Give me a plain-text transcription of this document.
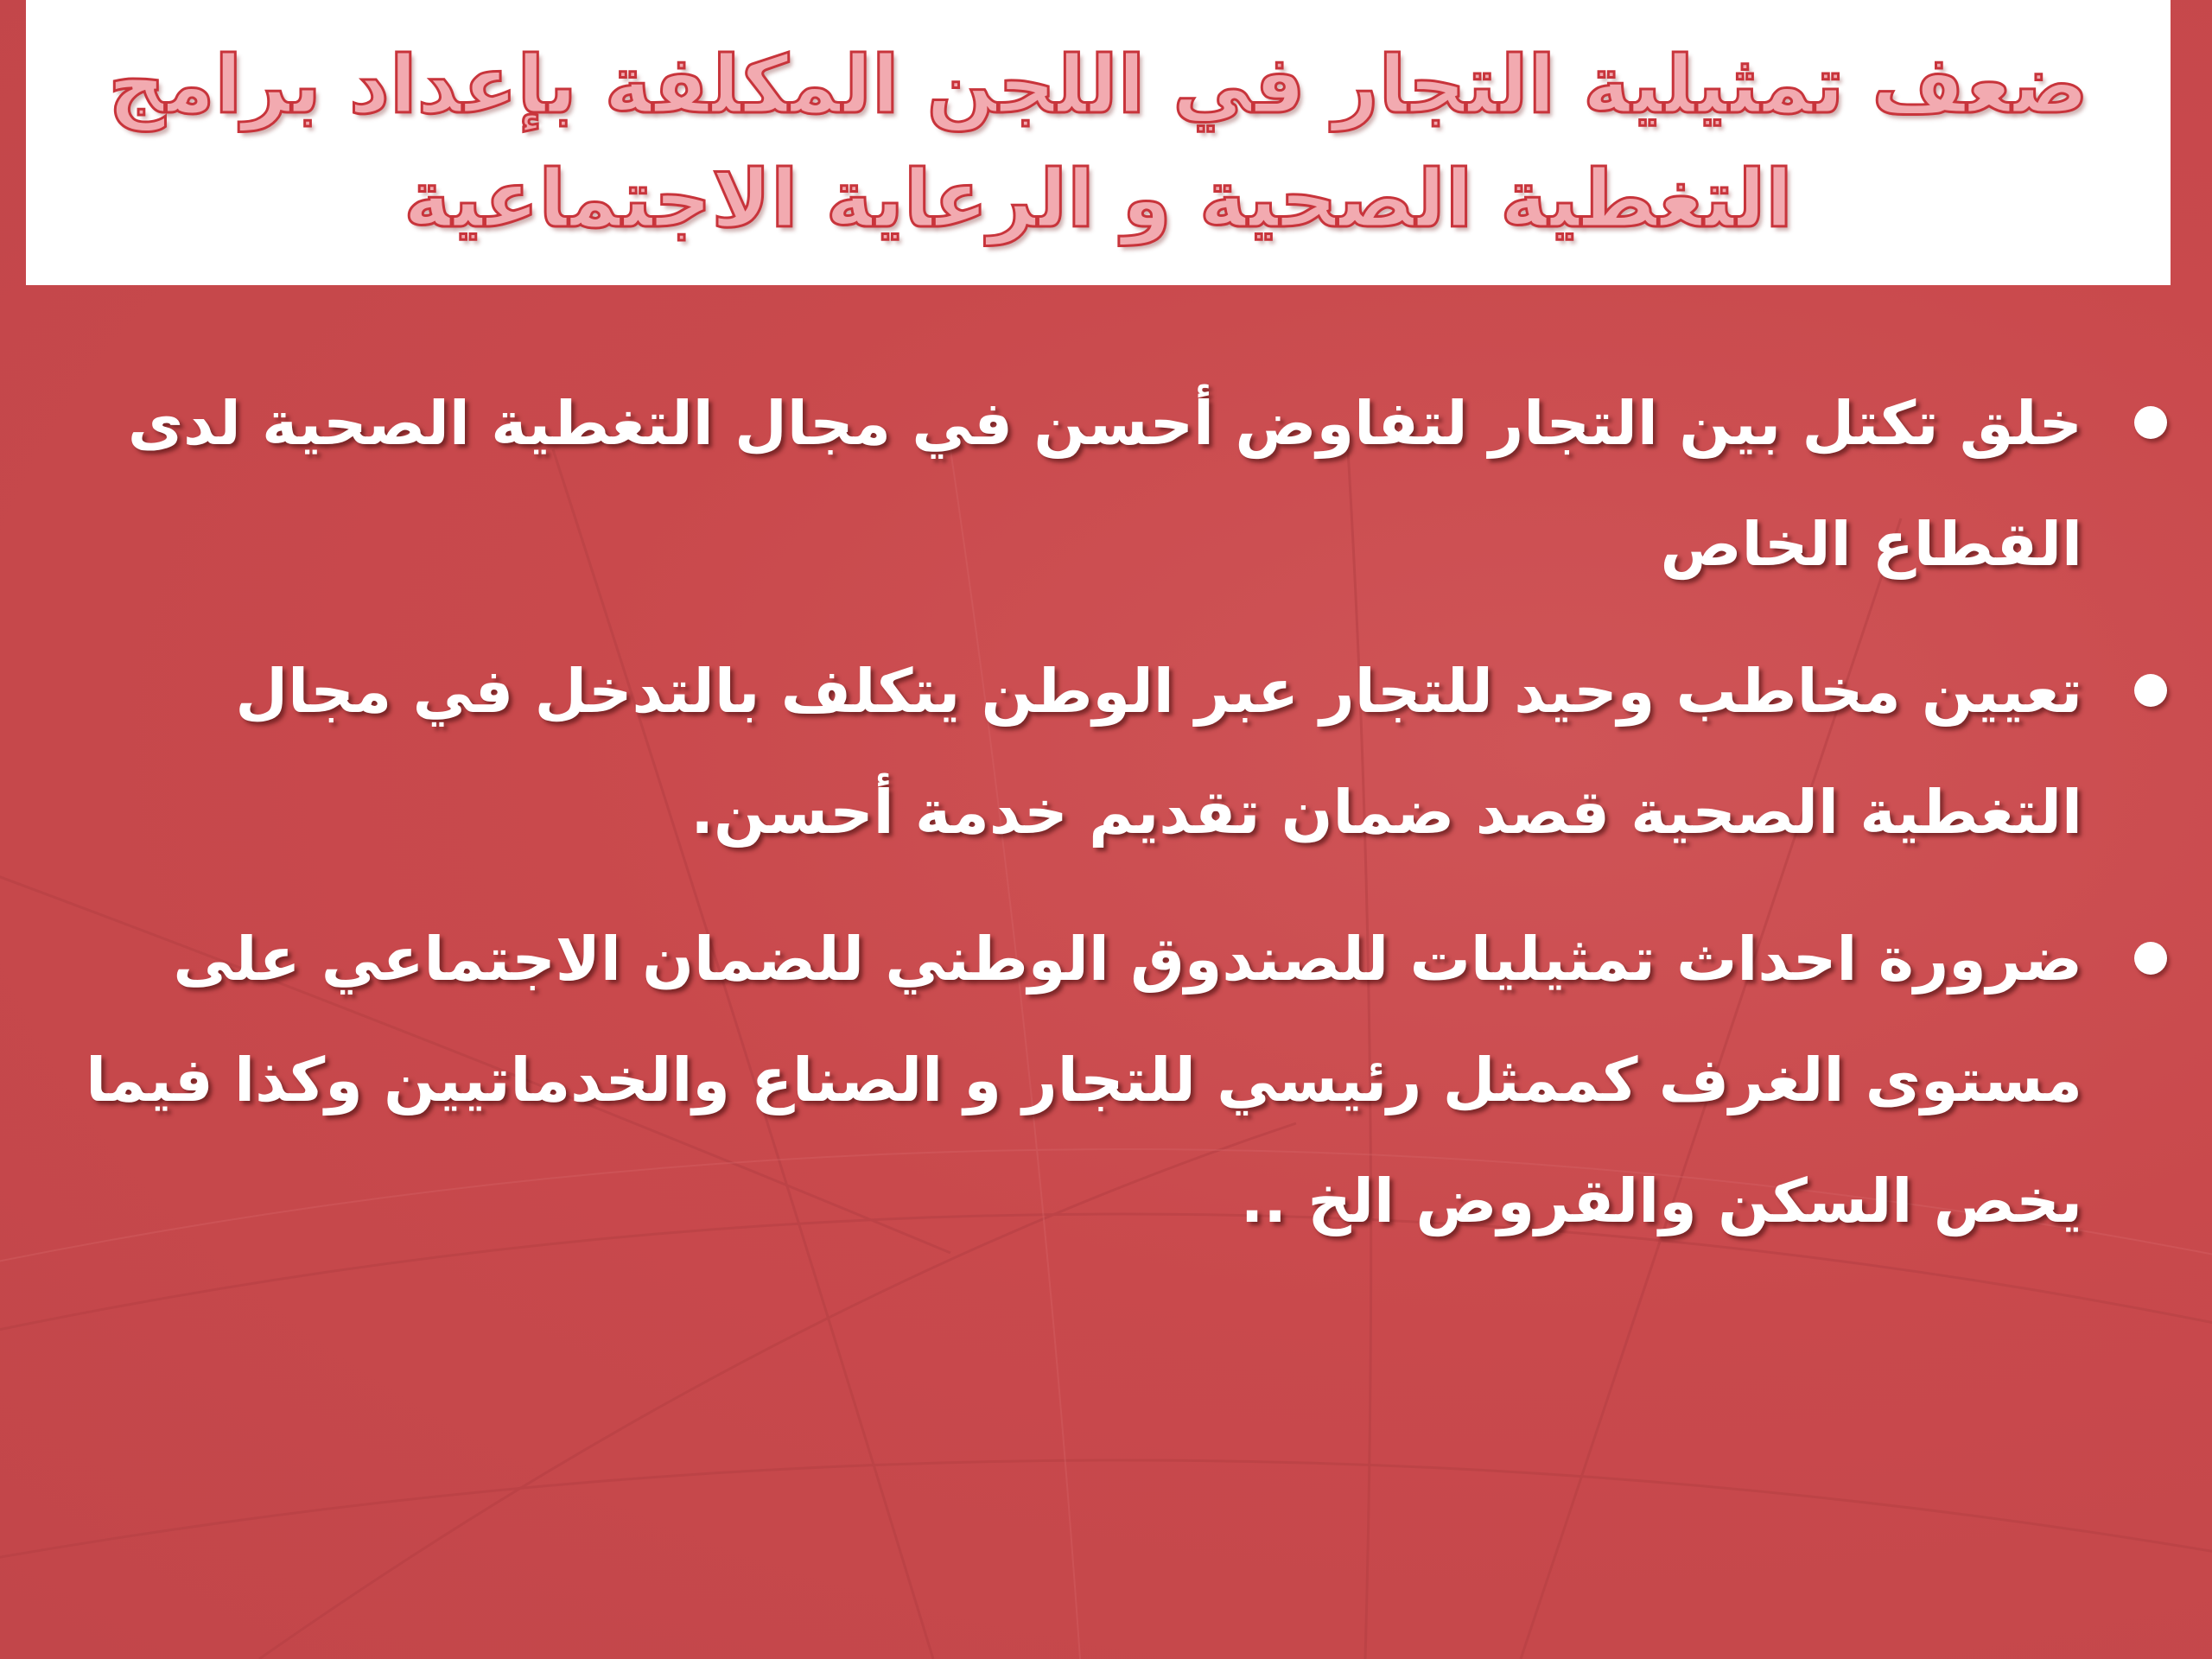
ضعف تمثيلية التجار في اللجن المكلفة بإعداد برامج
التغطية الصحية و الرعاية الاجتماعية
خلق تكتل بين التجار لتفاوض أحسن في مجال التغطية الصحية لدى
القطاع الخاص
تعيين مخاطب وحيد للتجار عبر الوطن يتكلف بالتدخل في مجال
التغطية الصحية قصد ضمان تقديم خدمة أحسن.
ضرورة احداث تمثيليات للصندوق الوطني للضمان الاجتماعي على
مستوى الغرف كممثل رئيسي للتجار و الصناع والخدماتيين وكذا فيما
يخص السكن والقروض الخ ..
